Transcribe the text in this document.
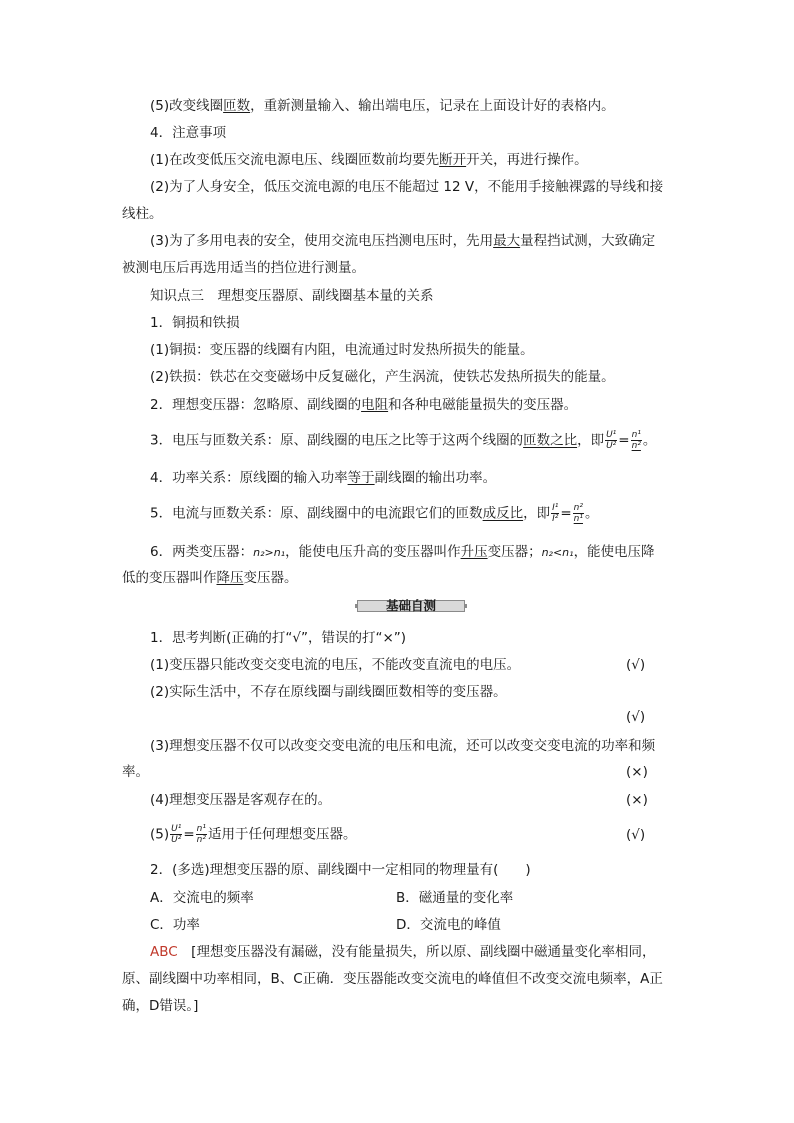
(5)改变线圈匝数，重新测量输入、输出端电压，记录在上面设计好的表格内。
4．注意事项
(1)在改变低压交流电源电压、线圈匝数前均要先断开开关，再进行操作。
(2)为了人身安全，低压交流电源的电压不能超过 12 V，不能用手接触裸露的导线和接
线柱。
(3)为了多用电表的安全，使用交流电压挡测电压时，先用最大量程挡试测，大致确定
被测电压后再选用适当的挡位进行测量。
知识点三　理想变压器原、副线圈基本量的关系
1．铜损和铁损
(1)铜损：变压器的线圈有内阻，电流通过时发热所损失的能量。
(2)铁损：铁芯在交变磁场中反复磁化，产生涡流，使铁芯发热所损失的能量。
2．理想变压器：忽略原、副线圈的电阻和各种电磁能量损失的变压器。
3．电压与匝数关系：原、副线圈的电压之比等于这两个线圈的匝数之比，即 $\frac{\text{U¹}}{\text{U²}} = \frac{\text{n¹}}{\text{n²}}$ 。
4．功率关系：原线圈的输入功率等于副线圈的输出功率。
5．电流与匝数关系：原、副线圈中的电流跟它们的匝数成反比，即 $\frac{\text{I¹}}{\text{I²}} = \frac{\text{n²}}{\text{n¹}}$ 。
6．两类变压器：n₂>n₁，能使电压升高的变压器叫作升压变压器；n₂<n₁，能使电压降
低的变压器叫作降压变压器。
基础自测
1．思考判断(正确的打“√”，错误的打“×”)
(1)变压器只能改变交变电流的电压，不能改变直流电的电压。	(√)
(2)实际生活中，不存在原线圈与副线圈匝数相等的变压器。
(√)
(3)理想变压器不仅可以改变交变电流的电压和电流，还可以改变交变电流的功率和频
率。	(×)
(4)理想变压器是客观存在的。	(×)
$(5) \frac{\text{U¹}}{\text{U²}} = \frac{\text{n¹}}{\text{n²}}$ 适用于任何理想变压器。	(√)
2．(多选)理想变压器的原、副线圈中一定相同的物理量有(　　)
A．交流电的频率	B．磁通量的变化率
C．功率	D．交流电的峰值
ABC　[理想变压器没有漏磁，没有能量损失，所以原、副线圈中磁通量变化率相同，
原、副线圈中功率相同，B、C正确．变压器能改变交流电的峰值但不改变交流电频率，A正
确，D错误。]
